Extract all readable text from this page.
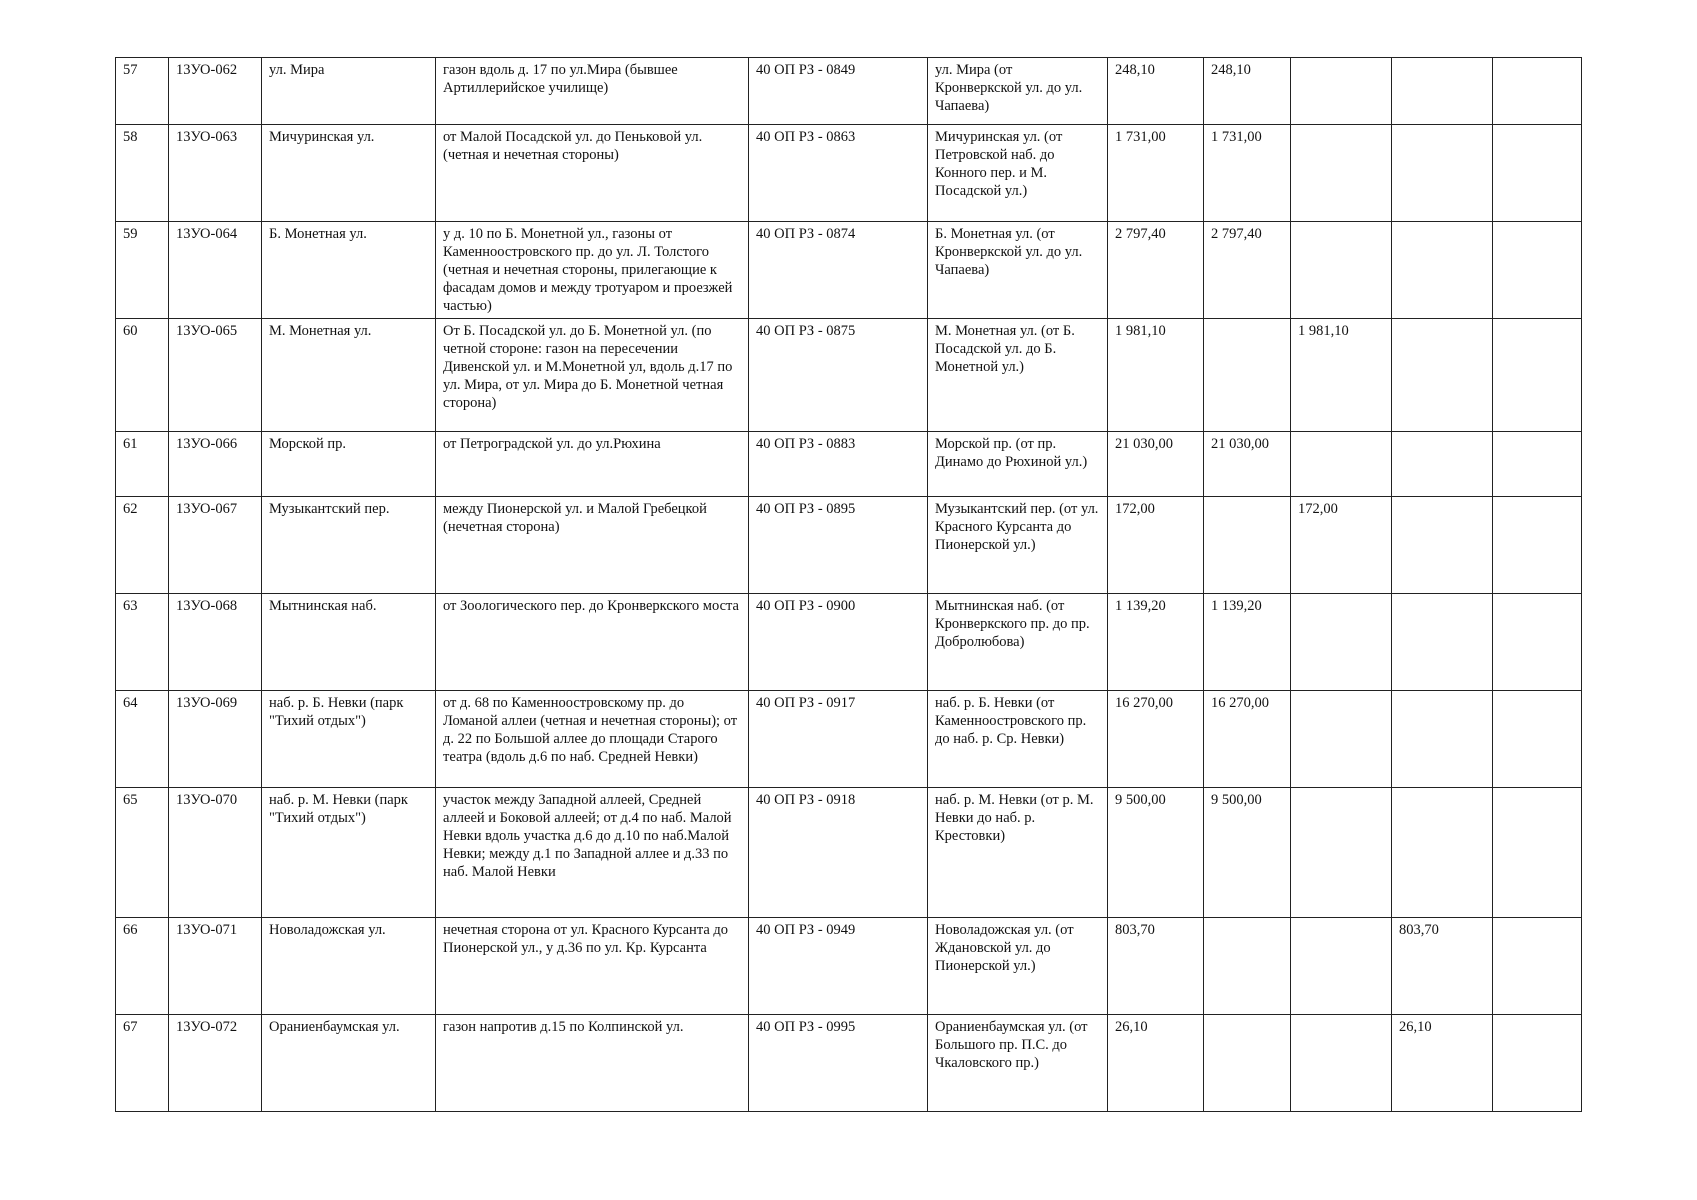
57	13УО-062	ул. Мира	газон вдоль д. 17 по ул.Мира (бывшее Артиллерийское училище)	40 ОП РЗ - 0849	ул. Мира (от Кронверкской ул. до ул. Чапаева)	248,10	248,10			
58	13УО-063	Мичуринская ул.	от Малой Посадской ул. до Пеньковой ул.(четная и нечетная стороны)	40 ОП РЗ - 0863	Мичуринская ул. (от Петровской наб. до Конного пер. и М. Посадской ул.)	1 731,00	1 731,00			
59	13УО-064	Б. Монетная ул.	у д. 10 по Б. Монетной ул., газоны от Каменноостровского пр. до ул. Л. Толстого (четная и нечетная стороны, прилегающие к фасадам домов и между тротуаром и проезжей частью)	40 ОП РЗ - 0874	Б. Монетная ул. (от Кронверкской ул. до ул. Чапаева)	2 797,40	2 797,40			
60	13УО-065	М. Монетная ул.	От Б. Посадской ул. до Б. Монетной ул. (по четной стороне: газон на пересечении Дивенской ул. и М.Монетной ул, вдоль д.17 по ул. Мира, от ул. Мира до Б. Монетной четная сторона)	40 ОП РЗ - 0875	М. Монетная ул. (от Б. Посадской ул. до Б. Монетной ул.)	1 981,10		1 981,10		
61	13УО-066	Морской пр.	от Петроградской ул. до ул.Рюхина	40 ОП РЗ - 0883	Морской пр. (от пр. Динамо до Рюхиной ул.)	21 030,00	21 030,00			
62	13УО-067	Музыкантский пер.	между Пионерской ул. и Малой Гребецкой (нечетная сторона)	40 ОП РЗ - 0895	Музыкантский пер. (от ул. Красного Курсанта до Пионерской ул.)	172,00		172,00		
63	13УО-068	Мытнинская наб.	от Зоологического пер. до Кронверкского моста	40 ОП РЗ - 0900	Мытнинская наб. (от Кронверкского пр. до пр. Добролюбова)	1 139,20	1 139,20			
64	13УО-069	наб. р. Б. Невки (парк "Тихий отдых")	от д. 68 по Каменноостровскому пр. до Ломаной аллеи (четная и нечетная стороны); от д. 22 по Большой аллее до площади Старого театра (вдоль д.6 по наб. Средней Невки)	40 ОП РЗ - 0917	наб. р. Б. Невки (от Каменноостровского пр. до наб. р. Ср. Невки)	16 270,00	16 270,00			
65	13УО-070	наб. р. М. Невки (парк "Тихий отдых")	участок между Западной аллеей, Средней аллеей и Боковой аллеей; от д.4 по наб. Малой Невки вдоль участка д.6 до д.10 по наб.Малой Невки; между д.1 по Западной аллее и д.33 по наб. Малой Невки	40 ОП РЗ - 0918	наб. р. М. Невки (от р. М. Невки до наб. р. Крестовки)	9 500,00	9 500,00			
66	13УО-071	Новоладожская ул.	нечетная сторона от ул. Красного Курсанта до Пионерской ул., у д.36 по ул. Кр. Курсанта	40 ОП РЗ - 0949	Новоладожская ул. (от Ждановской ул. до Пионерской ул.)	803,70			803,70	
67	13УО-072	Ораниенбаумская ул.	газон напротив д.15 по Колпинской ул.	40 ОП РЗ - 0995	Ораниенбаумская ул. (от Большого пр. П.С. до Чкаловского пр.)	26,10			26,10	
